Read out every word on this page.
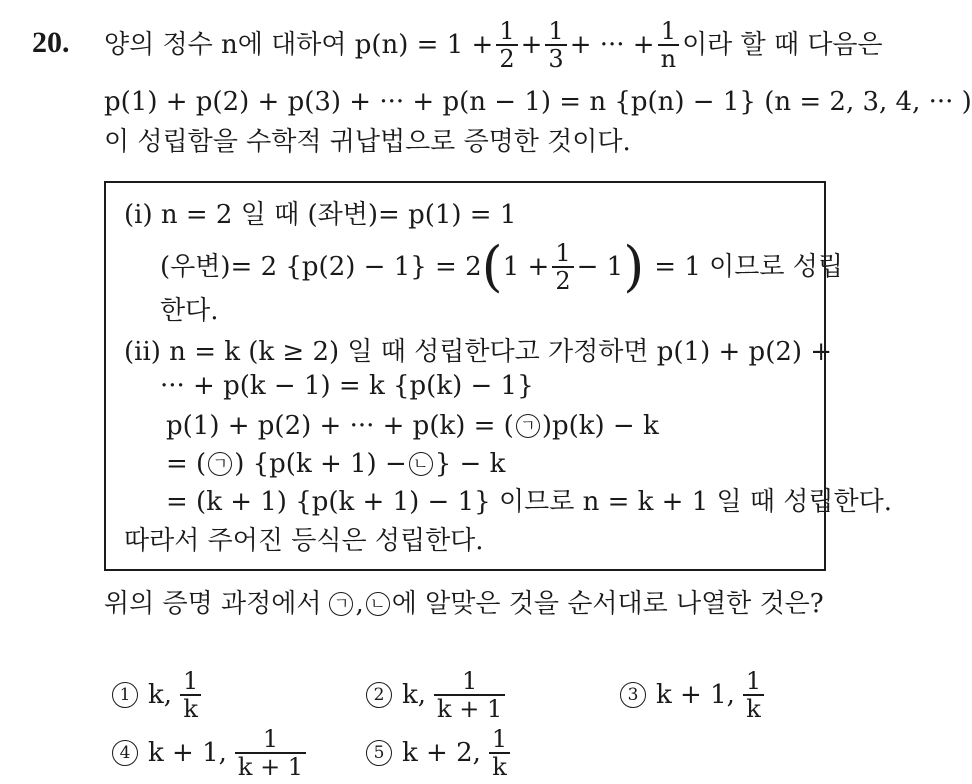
20. 양의 정수 n에 대하여 $p(n) = 1 + \frac{1}{2} + \frac{1}{3}$ + ··· + $\frac{1}{n}$ 이라 할 때 다음은
p(1) + p(2) + p(3) + ··· + p(n − 1) = n {p(n) − 1} (n = 2, 3, 4, ··· )
이 성립함을 수학적 귀납법으로 증명한 것이다.
(i) n = 2 일 때 (좌변)= p(1) = 1
(우변)= 2 {p(2) − 1} = 2 ( $1 + \frac{1}{2} - 1$ ) = 1 이므로 성립
한다.
(ii) n = k (k ≥ 2) 일 때 성립한다고 가정하면 p(1) + p(2) +
··· + p(k − 1) = k {p(k) − 1}
p(1) + p(2) + ··· + p(k) = ( ㄱ )p(k) − k
= ( ㄱ ) {p(k + 1) − ㄴ } − k
= (k + 1) {p(k + 1) − 1} 이므로 n = k + 1 일 때 성립한다.
따라서 주어진 등식은 성립한다.
위의 증명 과정에서 ㄱ , ㄴ 에 알맞은 것을 순서대로 나열한 것은?
1 k, $\frac{1}{k}$	2 k, $\frac{1}{k + 1}$	3 k + 1, $\frac{1}{k}$
4 k + 1, $\frac{1}{k + 1}$	5 k + 2, $\frac{1}{k}$
